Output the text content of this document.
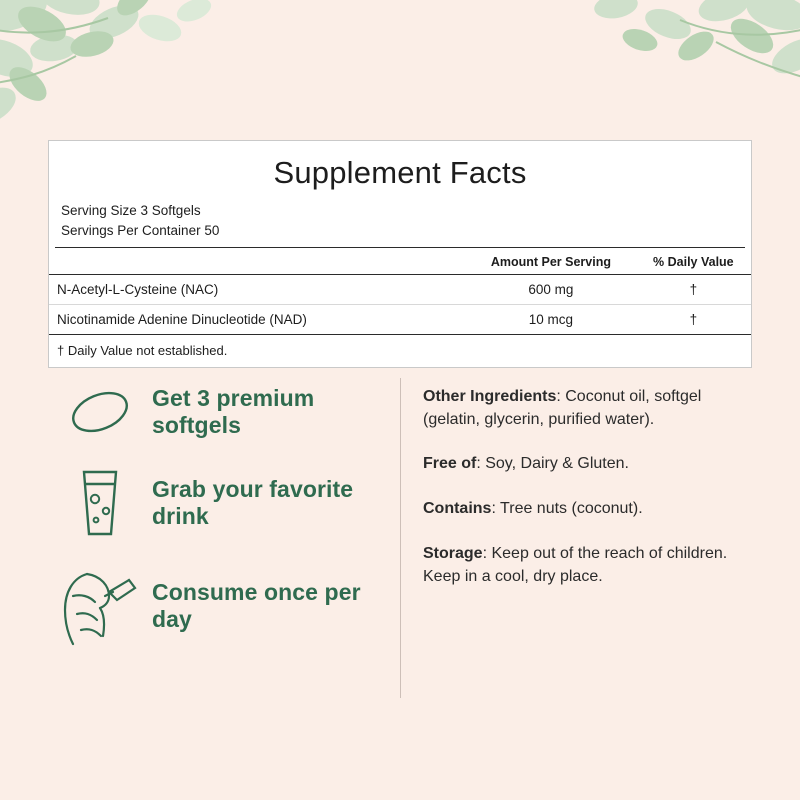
Supplement Facts
Serving Size 3 Softgels
Servings Per Container 50
	Amount Per Serving	% Daily Value
N-Acetyl-L-Cysteine (NAC)	600 mg	†
Nicotinamide Adenine Dinucleotide (NAD)	10 mcg	†
† Daily Value not established.
Get 3 premium softgels
Grab your favorite drink
Consume once per day
Other Ingredients: Coconut oil, softgel (gelatin, glycerin, purified water).
Free of: Soy, Dairy & Gluten.
Contains: Tree nuts (coconut).
Storage: Keep out of the reach of children. Keep in a cool, dry place.
